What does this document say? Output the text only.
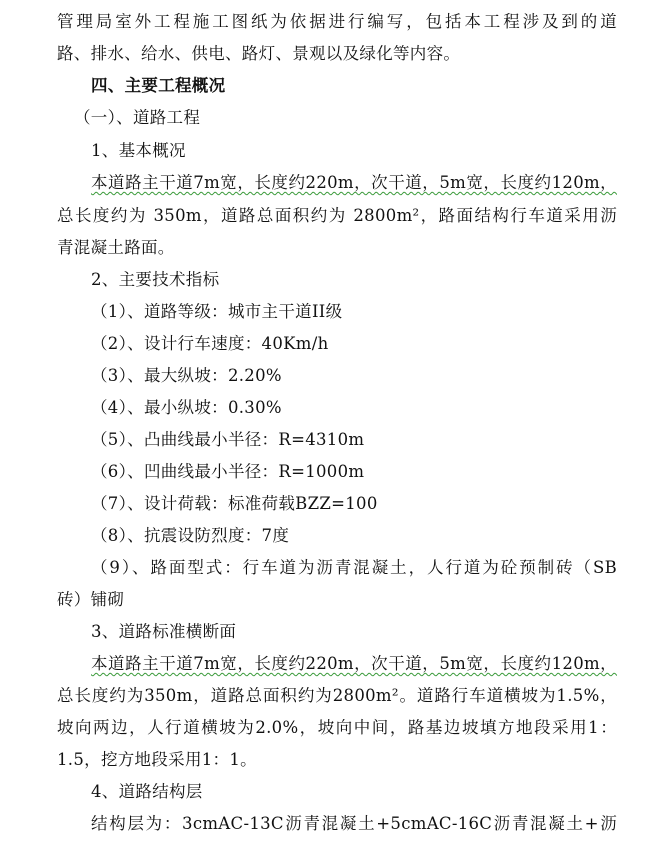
管理局室外工程施工图纸为依据进行编写，包括本工程涉及到的道
路、排水、给水、供电、路灯、景观以及绿化等内容。
四、主要工程概况
（一）、道路工程
1、基本概况
本道路主干道7m宽，长度约220m，次干道，5m宽，长度约120m，
总长度约为 350m，道路总面积约为 2800m²，路面结构行车道采用沥
青混凝土路面。
2、主要技术指标
（1）、道路等级：城市主干道II级
（2）、设计行车速度：40Km/h
（3）、最大纵坡：2.20%
（4）、最小纵坡：0.30%
（5）、凸曲线最小半径：R=4310m
（6）、凹曲线最小半径：R=1000m
（7）、设计荷载：标准荷载BZZ=100
（8）、抗震设防烈度：7度
（9）、路面型式：行车道为沥青混凝土，人行道为砼预制砖（SB
砖）铺砌
3、道路标准横断面
本道路主干道7m宽，长度约220m，次干道，5m宽，长度约120m，
总长度约为350m，道路总面积约为2800m²。道路行车道横坡为1.5%，
坡向两边，人行道横坡为2.0%，坡向中间，路基边坡填方地段采用1：
1.5，挖方地段采用1：1。
4、道路结构层
结构层为：3cmAC-13C沥青混凝土+5cmAC-16C沥青混凝土+沥
